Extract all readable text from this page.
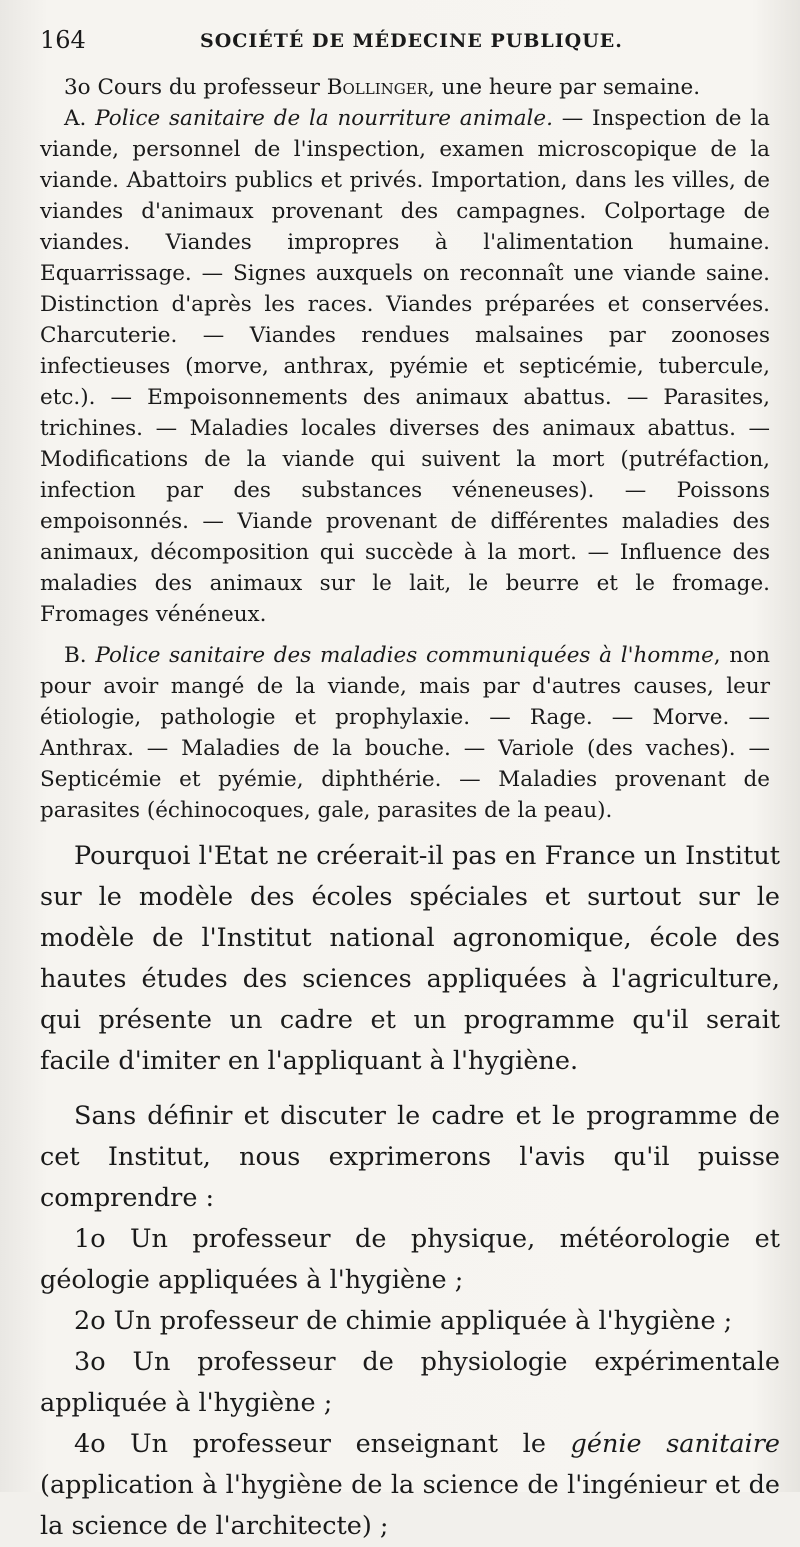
164	SOCIÉTÉ DE MÉDECINE PUBLIQUE.

3o Cours du professeur Bollinger, une heure par semaine.

A. Police sanitaire de la nourriture animale. — Inspection de la viande, personnel de l'inspection, examen microscopique de la viande. Abattoirs publics et privés. Importation, dans les villes, de viandes d'animaux provenant des campagnes. Colportage de viandes. Viandes impropres à l'alimentation humaine. Equarrissage. — Signes auxquels on reconnaît une viande saine. Distinction d'après les races. Viandes préparées et conservées. Charcuterie. — Viandes rendues malsaines par zoonoses infectieuses (morve, anthrax, pyémie et septicémie, tubercule, etc.). — Empoisonnements des animaux abattus. — Parasites, trichines. — Maladies locales diverses des animaux abattus. — Modifications de la viande qui suivent la mort (putréfaction, infection par des substances véneneuses). — Poissons empoisonnés. — Viande provenant de différentes maladies des animaux, décomposition qui succède à la mort. — Influence des maladies des animaux sur le lait, le beurre et le fromage. Fromages vénéneux.

B. Police sanitaire des maladies communiquées à l'homme, non pour avoir mangé de la viande, mais par d'autres causes, leur étiologie, pathologie et prophylaxie. — Rage. — Morve. — Anthrax. — Maladies de la bouche. — Variole (des vaches). — Septicémie et pyémie, diphthérie. — Maladies provenant de parasites (échinocoques, gale, parasites de la peau).

Pourquoi l'Etat ne créerait-il pas en France un Institut sur le modèle des écoles spéciales et surtout sur le modèle de l'Institut national agronomique, école des hautes études des sciences appliquées à l'agriculture, qui présente un cadre et un programme qu'il serait facile d'imiter en l'appliquant à l'hygiène.

Sans définir et discuter le cadre et le programme de cet Institut, nous exprimerons l'avis qu'il puisse comprendre :

1o Un professeur de physique, météorologie et géologie appliquées à l'hygiène ;

2o Un professeur de chimie appliquée à l'hygiène ;

3o Un professeur de physiologie expérimentale appliquée à l'hygiène ;

4o Un professeur enseignant le génie sanitaire (application à l'hygiène de la science de l'ingénieur et de la science de l'architecte) ;
